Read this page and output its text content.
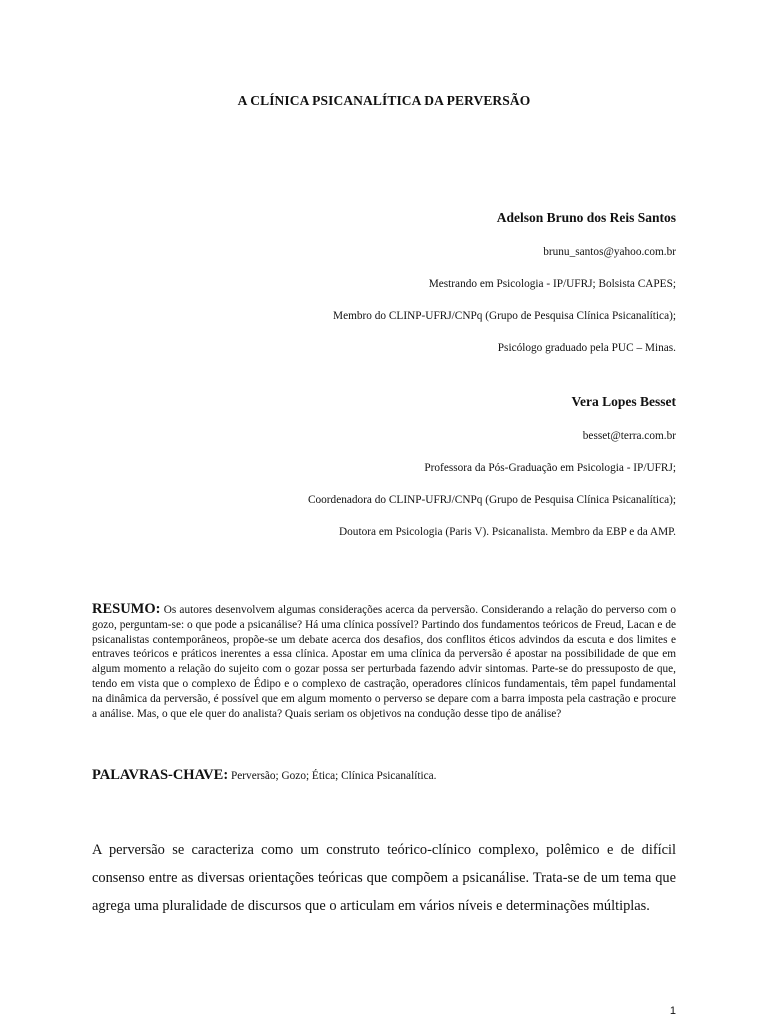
A CLÍNICA PSICANALÍTICA DA PERVERSÃO
Adelson Bruno dos Reis Santos
brunu_santos@yahoo.com.br
Mestrando em Psicologia - IP/UFRJ; Bolsista CAPES;
Membro do CLINP-UFRJ/CNPq (Grupo de Pesquisa Clínica Psicanalítica);
Psicólogo graduado pela PUC – Minas.
Vera Lopes Besset
besset@terra.com.br
Professora da Pós-Graduação em Psicologia - IP/UFRJ;
Coordenadora do CLINP-UFRJ/CNPq (Grupo de Pesquisa Clínica Psicanalítica);
Doutora em Psicologia (Paris V). Psicanalista. Membro da EBP e da AMP.
RESUMO: Os autores desenvolvem algumas considerações acerca da perversão. Considerando a relação do perverso com o gozo, perguntam-se: o que pode a psicanálise? Há uma clínica possível? Partindo dos fundamentos teóricos de Freud, Lacan e de psicanalistas contemporâneos, propõe-se um debate acerca dos desafios, dos conflitos éticos advindos da escuta e dos limites e entraves teóricos e práticos inerentes a essa clínica. Apostar em uma clínica da perversão é apostar na possibilidade de que em algum momento a relação do sujeito com o gozar possa ser perturbada fazendo advir sintomas. Parte-se do pressuposto de que, tendo em vista que o complexo de Édipo e o complexo de castração, operadores clínicos fundamentais, têm papel fundamental na dinâmica da perversão, é possível que em algum momento o perverso se depare com a barra imposta pela castração e procure a análise. Mas, o que ele quer do analista? Quais seriam os objetivos na condução desse tipo de análise?
PALAVRAS-CHAVE: Perversão; Gozo; Ética; Clínica Psicanalítica.
A perversão se caracteriza como um construto teórico-clínico complexo, polêmico e de difícil consenso entre as diversas orientações teóricas que compõem a psicanálise. Trata-se de um tema que agrega uma pluralidade de discursos que o articulam em vários níveis e determinações múltiplas.
1
